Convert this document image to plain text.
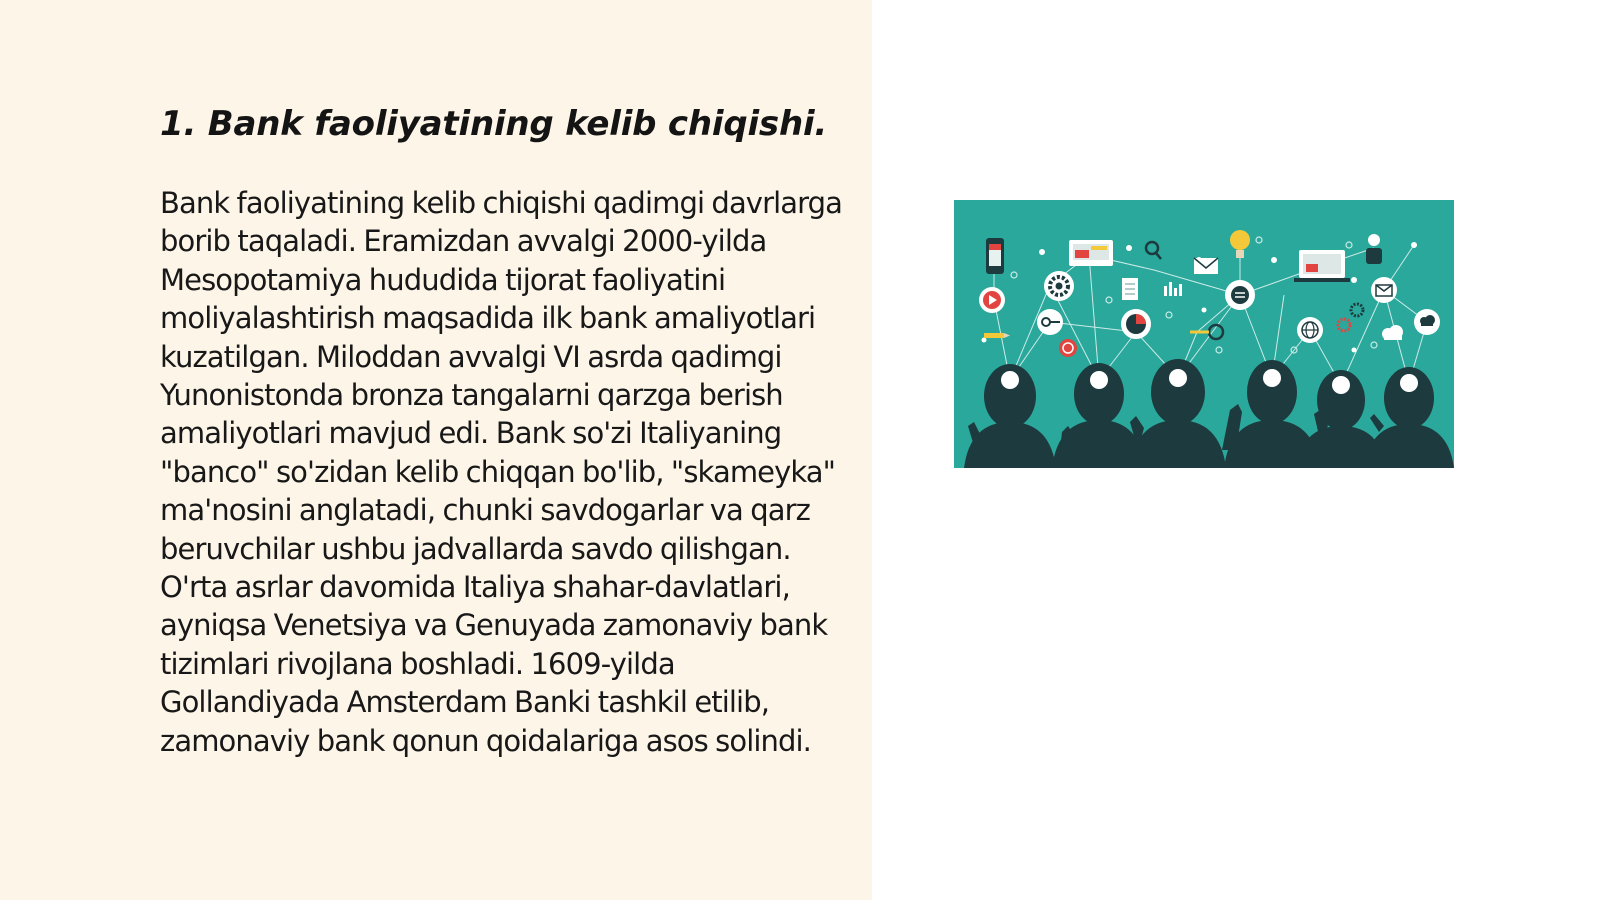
1. Bank faoliyatining kelib chiqishi.

Bank faoliyatining kelib chiqishi qadimgi davrlarga borib taqaladi. Eramizdan avvalgi 2000-yilda Mesopotamiya hududida tijorat faoliyatini moliyalashtirish maqsadida ilk bank amaliyotlari kuzatilgan. Miloddan avvalgi VI asrda qadimgi Yunonistonda bronza tangalarni qarzga berish amaliyotlari mavjud edi. Bank so'zi Italiyaning "banco" so'zidan kelib chiqqan bo'lib, "skameyka" ma'nosini anglatadi, chunki savdogarlar va qarz beruvchilar ushbu jadvallarda savdo qilishgan. O'rta asrlar davomida Italiya shahar-davlatlari, ayniqsa Venetsiya va Genuyada zamonaviy bank tizimlari rivojlana boshladi. 1609-yilda Gollandiyada Amsterdam Banki tashkil etilib, zamonaviy bank qonun qoidalariga asos solindi.
